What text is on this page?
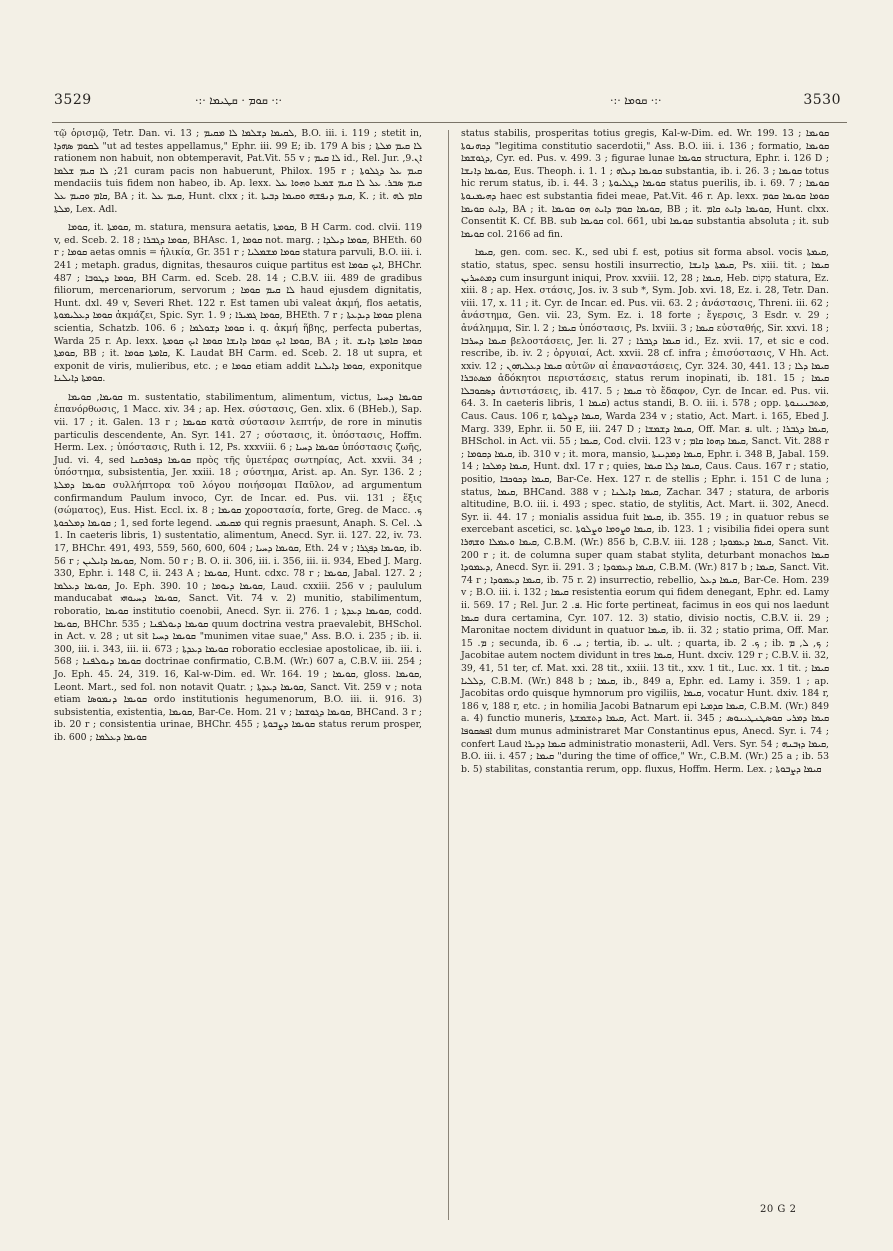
3529	·:· ܩܘܡ · ܩܛܝܡܐ ·:·	·:· ܩܘܡܐ ·:·	3530

τῷ ὁρισμῷ, Tetr. Dan. vi. 13 ; ܠܩܝܡܐ ܕܫܠܡܐ ܠܐ ܡܩܝܡ, B.O. iii. i. 119 ; stetit in, ܠܩܘܡ ܣܗܕܐ "ut ad testes appellamus," Ephr. iii. 99 E; ib. 179 A bis ; ܠܐ ܩܝܡ ܡܠܬܐ rationem non habuit, non obtemperavit, Pat.Vit. 55 v ; ܠܐ ܩܝܡ id., Rel. Jur. ܐܢ.9, 21; ܠܐ ܩܝܡ ܫܠܡܐ curam pacis non habuerunt, Philox. 195 r ; ܩܝܡ ܥܠ ܕܓܠܘܬܐ mendaciis tuis fidem non habeo, ib. Ap. lexx. ܩܝܡ ܣܒܪ. ܥܠ ܠܐ ܩܝܡ ܫܡܥܐ ܘܗܘܐ ܥܠ ܩܐܡ ܘܩܝܡ ܥܠ, BA ; it. ܩܝܡ ܥܠ, Hunt. clxx ; it. ܩܝܡ ܕܢܦܫܗ ܘܩܝܡܐ ܕܒܝܬܐ, K. ; it. ܩܐܡ ܠܗ ܡܠܬܐ, Lex. Adl.

ܩܘܡܐ, it. ܩܘܡܬܐ, m. statura, mensura aetatis, ܩܘܡܬܐ, B H Carm. cod. clvii. 119 v, ed. Sceb. 2. 18 ; ܩܘܡܐ ܕܓܒܪܐ, BHAsc. 1, ܩܘܡܐ not. marg. ; ܩܘܡܐ ܕܝܠܕܐ, BHEth. 60 r ; ܩܘܡܐ aetas omnis = ἡλικία, Gr. 351 r ; ܩܘܡܐ ܡܫܡܠܝܐ statura parvuli, B.O. iii. i. 241 ; metaph. gradus, dignitas, thesauros cuique partitus est ܐܝܟ ܩܘܡܐ, BHChr. 487 ; ܩܘܡܐ ܕܛܘܒܐ, BH Carm. ed. Sceb. 28. 14 ; C.B.V. iii. 489 de gradibus filiorum, mercenariorum, servorum ; ܠܐ ܩܝܡ ܩܘܡܐ haud ejusdem dignitatis, Hunt. dxl. 49 v, Severi Rhet. 122 r. Est tamen ubi valeat ἀκμή, flos aetatis, ܩܘܡܐ ܕܥܠܝܡܘܬܐ ἀκμάζει, Spic. Syr. 1. 9 ; ܩܘܡܐ ܓܡܝܪܐ, BHEth. 7 r ; ܩܘܡܐ ܕܝܕܥܬܐ plena scientia, Schatzb. 106. 6 ; ܩܘܡܐ ܕܫܘܠܡܐ i. q. ἀκμή ἥβης, perfecta pubertas, Warda 25 r. Ap. lexx. ܩܘܡܐ ܐܝܟ ܩܘܡܐ ܕܐܢܫܐ ܩܘܡܐ ܐܝܟ ܩܘܡܬܐ, BA ; it. ܩܘܡܐ ܩܐܡܬܐ ܕܐܢܫ ܩܘܡܬܐ, BB ; it. ܩܐܡܬܐ ܩܘܡܐ, K. Laudat BH Carm. ed. Sceb. 2. 18 ut supra, et exponit de viris, mulieribus, etc. ; e ܩܘܡܐ etiam addit ܩܘܡܐ ܕܐܝܠܢܐ, exponitque ܩܘܡܬܐ ܕܐܝܠܢܐ.

ܩܘܝܡܐ, ܩܘܝܡܐ m. sustentatio, stabilimentum, alimentum, victus, ܩܘܝܡܐ ܕܚܝܐ ἐπανόρθωσις, 1 Macc. xiv. 34 ; ap. Hex. σύστασις, Gen. xlix. 6 (BHeb.), Sap. vii. 17 ; it. Galen. 13 r ; ܩܘܝܡܐ κατὰ σύστασιν λεπτήν, de rore in minutis particulis descendente, An. Syr. 141. 27 ; σύστασις, it. ὑπόστασις, Hoffm. Herm. Lex. ; ὑπόστασις, Ruth i. 12, Ps. xxxviii. 6 ; ܩܘܝܡܐ ܕܚܝܐ ὑπόστασις ζωῆς, Jud. vi. 4, sed ܩܘܝܡܐ ܕܦܘܪܩܢܐ πρὸς τῆς ὑμετέρας σωτηρίας, Act. xxvii. 34 ; ὑπόστημα, subsistentia, Jer. xxiii. 18 ; σύστημα, Arist. ap. An. Syr. 136. 2 ; ܩܘܝܡܐ ܕܡܠܬܐ συλλήπτορα τοῦ λόγου ποιήσομαι Παῦλον, ad argumentum confirmandum Paulum invoco, Cyr. de Incar. ed. Pus. vii. 131 ; ἕξις (σώματος), Eus. Hist. Eccl. ix. 8 ; ܩܘܝܡܐ χοροστασία, forte, Greg. de Macc. ܟ. 1 ; ܩܘܝܡܐ ܕܡܠܟܘܬܐ, sed forte legend. ܡܩܝܡܝ qui regnis praesunt, Anaph. S. Cel. ܠ. 1. In caeteris libris, 1) sustentatio, alimentum, Anecd. Syr. ii. 127. 22, iv. 73. 17, BHChr. 491, 493, 559, 560, 600, 604 ; ܩܘܝܡܐ ܕܚܝܐ, Eth. 24 v ; ܩܘܝܡܐ ܕܦܓܪܐ, ib. 56 r ; ܩܘܝܡܐ ܕܐܝܠܝܢ, Nom. 50 r ; B. O. ii. 306, iii. i. 356, iii. ii. 934, Ebed J. Marg. 330, Ephr. i. 148 C, ii. 243 A ; ܩܘܝܡܐ, Hunt. cdxc. 78 r ; ܩܘܝܡܐ, Jabal. 127. 2 ; ܩܘܝܡܐ ܕܥܠܡܐ, Jo. Eph. 390. 10 ; ܩܘܝܡܐ ܕܝܘܡܐ, Laud. cxxiii. 256 v ; paululum manducabat ܩܘܝܡܐ ܕܚܝܘܗܝ, Sanct. Vit. 74 v. 2) munitio, stabilimentum, roboratio, ܩܘܝܡܐ institutio coenobii, Anecd. Syr. ii. 276. 1 ; ܩܘܝܡܐ ܕܥܕܬܐ, codd. ܩܘܝܡܐ, BHChr. 535 ; ܩܘܝܡܐ ܕܝܘܠܦܢܐ quum doctrina vestra praevalebit, BHSchol. in Act. v. 28 ; ut sit ܩܘܝܡܐ ܕܚܝܐ "munimen vitae suae," Ass. B.O. i. 235 ; ib. ii. 300, iii. i. 343, iii. ii. 673 ; ܩܘܝܡܐ ܕܥܕܬܐ roboratio ecclesiae apostolicae, ib. iii. i. 568 ; ܩܘܝܡܐ ܕܝܘܠܦܢܐ doctrinae confirmatio, C.B.M. (Wr.) 607 a, C.B.V. iii. 254 ; Jo. Eph. 45. 24, 319. 16, Kal-w-Dim. ed. Wr. 164. 19 ; ܩܘܝܡܐ, gloss. ܩܘܝܡܐ, Leont. Mart., sed fol. non notavit Quatr. ; ܩܘܝܡܐ ܕܥܕܬܐ, Sanct. Vit. 259 v ; nota etiam ܩܘܝܡܐ ܕܢܡܘܣܐ ordo institutionis hegumenorum, B.O. iii. ii. 916. 3) subsistentia, existentia, ܩܘܝܡܐ, Bar-Ce. Hom. 21 v ; ܩܘܝܡܐ ܕܓܘܫܡܐ, BHCand. 3 r ; ib. 20 r ; consistentia urinae, BHChr. 455 ; ܩܘܝܡܐ ܕܨܒܘܬܐ status rerum prosper, ib. 600 ; ܩܘܝܡܐ ܕܥܠܡܐ

status stabilis, prosperitas totius gregis, Kal-w-Dim. ed. Wr. 199. 13 ; ܩܘܝܡܐ ܕܟܗܢܘܬܐ "legitima constitutio sacerdotii," Ass. B.O. iii. i. 136 ; formatio, ܩܘܝܡܐ ܕܓܘܫܡܐ, Cyr. ed. Pus. v. 499. 3 ; figurae lunae ܩܘܝܡܐ structura, Ephr. i. 126 D ; ܩܘܝܡܐ ܕܐܢܫܐ, Eus. Theoph. i. 1. 1 ; ܩܘܝܡܐ ܕܝܠܗ substantia, ib. i. 26. 3 ; ܩܘܝܡܐ totus hic rerum status, ib. i. 44. 3 ; ܩܘܝܡܐ ܕܛܠܝܘܬܐ status puerilis, ib. i. 69. 7 ; ܩܘܝܡܐ ܕܗܝܡܢܘܬܐ haec est substantia fidei meae, Pat.Vit. 46 r. Ap. lexx. ܩܘܡܐ ܩܘܝܡܐ ܩܘܡ ܕܐܝܬ ܩܘܝܡܐ, BA ; it. ܩܘܝܡܐ ܩܘܡ ܕܐܝܬ ܗܘ ܩܘܝܡܐ, BB ; it. ܩܘܝܡܐ ܕܐܝܬ ܩܐܡ, Hunt. clxx. Consentit K. Cf. BB. sub ܩܘܝܡܐ col. 661, ubi ܩܘܝܡܐ substantia absoluta ; it. sub ܩܘܝܡܐ col. 2166 ad fin.

ܩܝܡܐ, gen. com. sec. K., sed ubi f. est, potius sit forma absol. vocis ܩܝܡܬܐ, statio, status, spec. sensu hostili insurrectio, ܩܝܡܬܐ ܕܐܢܫܐ, Ps. xiii. tit. ; ܩܝܡܐ ܕܡܬܚܪܝܢ cum insurgunt iniqui, Prov. xxviii. 12, 28 ; ܩܝܡܐ, Heb. מְקוֹם statura, Ez. xiii. 8 ; ap. Hex. στάσις, Jos. iv. 3 sub *, Sym. Job. xvi. 18, Ez. i. 28, Tetr. Dan. viii. 17, x. 11 ; it. Cyr. de Incar. ed. Pus. vii. 63. 2 ; ἀνάστασις, Threni. iii. 62 ; ἀνάστημα, Gen. vii. 23, Sym. Ez. i. 18 forte ; ἔγερσις, 3 Esdr. v. 29 ; ἀνάλημμα, Sir. l. 2 ; ܩܝܡܐ ὑπόστασις, Ps. lxviii. 3 ; ܩܝܡܐ εὐσταθής, Sir. xxvi. 18 ; ܩܝܡܐ ܕܚܪܒܐ βελοστάσεις, Jer. li. 27 ; ܩܝܡܐ ܕܓܒܪܐ id., Ez. xvii. 17, et sic e cod. rescribe, ib. iv. 2 ; ὀργυιαί, Act. xxvii. 28 cf. infra ; ἐπισύστασις, V Hh. Act. xxiv. 12 ; ܩܝܡܐ ܕܥܠܝܗܘܢ αὐτῶν αἱ ἐπαναστάσεις, Cyr. 324. 30, 441. 13 ; ܩܝܡܐ ܕܠܐ ܡܣܬܒܪܐ ἀδόκητοι περιστάσεις, status rerum inopinati, ib. 181. 15 ; ܩܝܡܐ ܕܣܩܘܒܠܐ ἀντιστάσεις, ib. 417. 5 ; ܩܝܡܐ τὸ ἔδαφον, Cyr. de Incar. ed. Pus. vii. 64. 3. In caeteris libris, ܩܝܡܐ 1) actus standi, B. O. iii. i. 578 ; opp. ܡܬܒܢܝܢܘܬܐ, Caus. Caus. 106 r, ܩܝܡܐ ܕܨܠܘܬܐ, Warda 234 v ; statio, Act. Mart. i. 165, Ebed J. Marg. 339, Ephr. ii. 50 E, iii. 247 D ; ܩܝܡܐ ܕܫܡܫܐ, Off. Mar. ܦ. ult. ; ܩܝܡܐ ܕܓܒܪܐ, BHSchol. in Act. vii. 55 ; ܩܝܡܐ, Cod. clvii. 123 v ; ܩܝܡܐ ܕܗܘܐ ܩܐܡ, Sanct. Vit. 288 r ; ܩܝܡܐ ܕܩܘܡܐ, ib. 310 v ; it. mora, mansio, ܩܝܡܐ ܕܡܕܝܢܬܐ, Ephr. i. 348 B, Jabal. 159. 14 ; ܩܝܡܐ ܕܡܠܟܐ, Hunt. dxl. 17 r ; quies, ܩܝܡܐ ܕܠܐ ܩܝܡܐ, Caus. Caus. 167 r ; statio, positio, ܩܝܡܐ ܕܟܘܟܒܐ, Bar-Ce. Hex. 127 r. de stellis ; Ephr. i. 151 C de luna ; status, ܩܝܡܐ, BHCand. 388 v ; ܩܝܡܐ ܕܐܝܠܢܐ, Zachar. 347 ; statura, de arboris altitudine, B.O. iii. i. 493 ; spec. statio, de stylitis, Act. Mart. ii. 302, Anecd. Syr. ii. 44. 17 ; monialis assidua fuit ܩܝܡܐ, ib. 355. 19 ; in quatuor rebus se exercebant ascetici, sc. ܩܝܡܐ ܘܨܘܡܐ ܘܨܠܘܬܐ, ib. 123. 1 ; visibilia fidei opera sunt ܩܝܡܐ ܘܥܡܠܐ ܘܫܗܪܐ, C.B.M. (Wr.) 856 b, C.B.V. iii. 128 ; ܩܝܡܐ ܕܥܡܘܕܐ, Sanct. Vit. 200 r ; it. de columna super quam stabat stylita, deturbant monachos ܩܝܡܐ ܕܥܡܘܕܐ, Anecd. Syr. ii. 291. 3 ; ܩܝܡܐ ܕܥܡܘܕܐ, C.B.M. (Wr.) 817 b ; ܩܝܡܐ, Sanct. Vit. 74 r ; ܩܝܡܐ ܕܥܡܘܕܐ, ib. 75 r. 2) insurrectio, rebellio, ܩܝܡܐ ܕܥܠ, Bar-Ce. Hom. 239 v ; B.O. iii. i. 132 ; ܩܝܡܐ resistentia eorum qui fidem denegant, Ephr. ed. Lamy ii. 569. 17 ; Rel. Jur. ܦ. 2. Hic forte pertineat, facimus in eos qui nos laedunt ܩܝܡܐ dura certamina, Cyr. 107. 12. 3) statio, divisio noctis, C.B.V. ii. 29 ; Maronitae noctem dividunt in quatuor ܩܝܡܐ, ib. ii. 32 ; statio prima, Off. Mar. ܡ. 15 ; secunda, ib. ܝ. 6 ; tertia, ib. ܝ. ult. ; quarta, ib. ܟ. 2 ; ib. ܟ, ܠ, ܡ ; Jacobitae autem noctem dividunt in tres ܩܝܡܐ, Hunt. dxciv. 129 r ; C.B.V. ii. 32, 39, 41, 51 ter, cf. Mat. xxi. 28 tit., xxiii. 13 tit., xxv. 1 tit., Luc. xx. 1 tit. ; ܩܝܡܐ ܕܠܠܝܐ, C.B.M. (Wr.) 848 b ; ܩܝܡܐ, ib., 849 a, Ephr. ed. Lamy i. 359. 1 ; ap. Jacobitas ordo quisque hymnorum pro vigiliis, ܩܝܡܐ, vocatur Hunt. dxiv. 184 r, 186 v, 188 r, etc. ; in homilia Jacobi Batnarum epi ܩܝܡܐ ܩܕܡܝܐ, C.B.M. (Wr.) 849 a. 4) functio muneris, ܩܝܡܐ ܕܬܫܡܫܬܐ, Act. Mart. ii. 345 ; ܩܝܡܐ ܕܡܪܝ ܩܘܣܛܢܛܝܢܘܣ ܐܦܣܩܘܦܐ dum munus administraret Mar Constantinus epus, Anecd. Syr. i. 74 ; confert Laud ܩܝܡܐ ܕܕܝܪܐ administratio monasterii, Adl. Vers. Syr. 54 ; ܩܝܡܐ ܕܙܒܢܗ, B.O. iii. i. 457 ; ܩܝܡܐ "during the time of office," Wr., C.B.M. (Wr.) 25 a ; ib. 53 b. 5) stabilitas, constantia rerum, opp. fluxus, Hoffm. Herm. Lex. ; ܩܝܡܐ ܕܨܒܘܬܐ

20 G 2
